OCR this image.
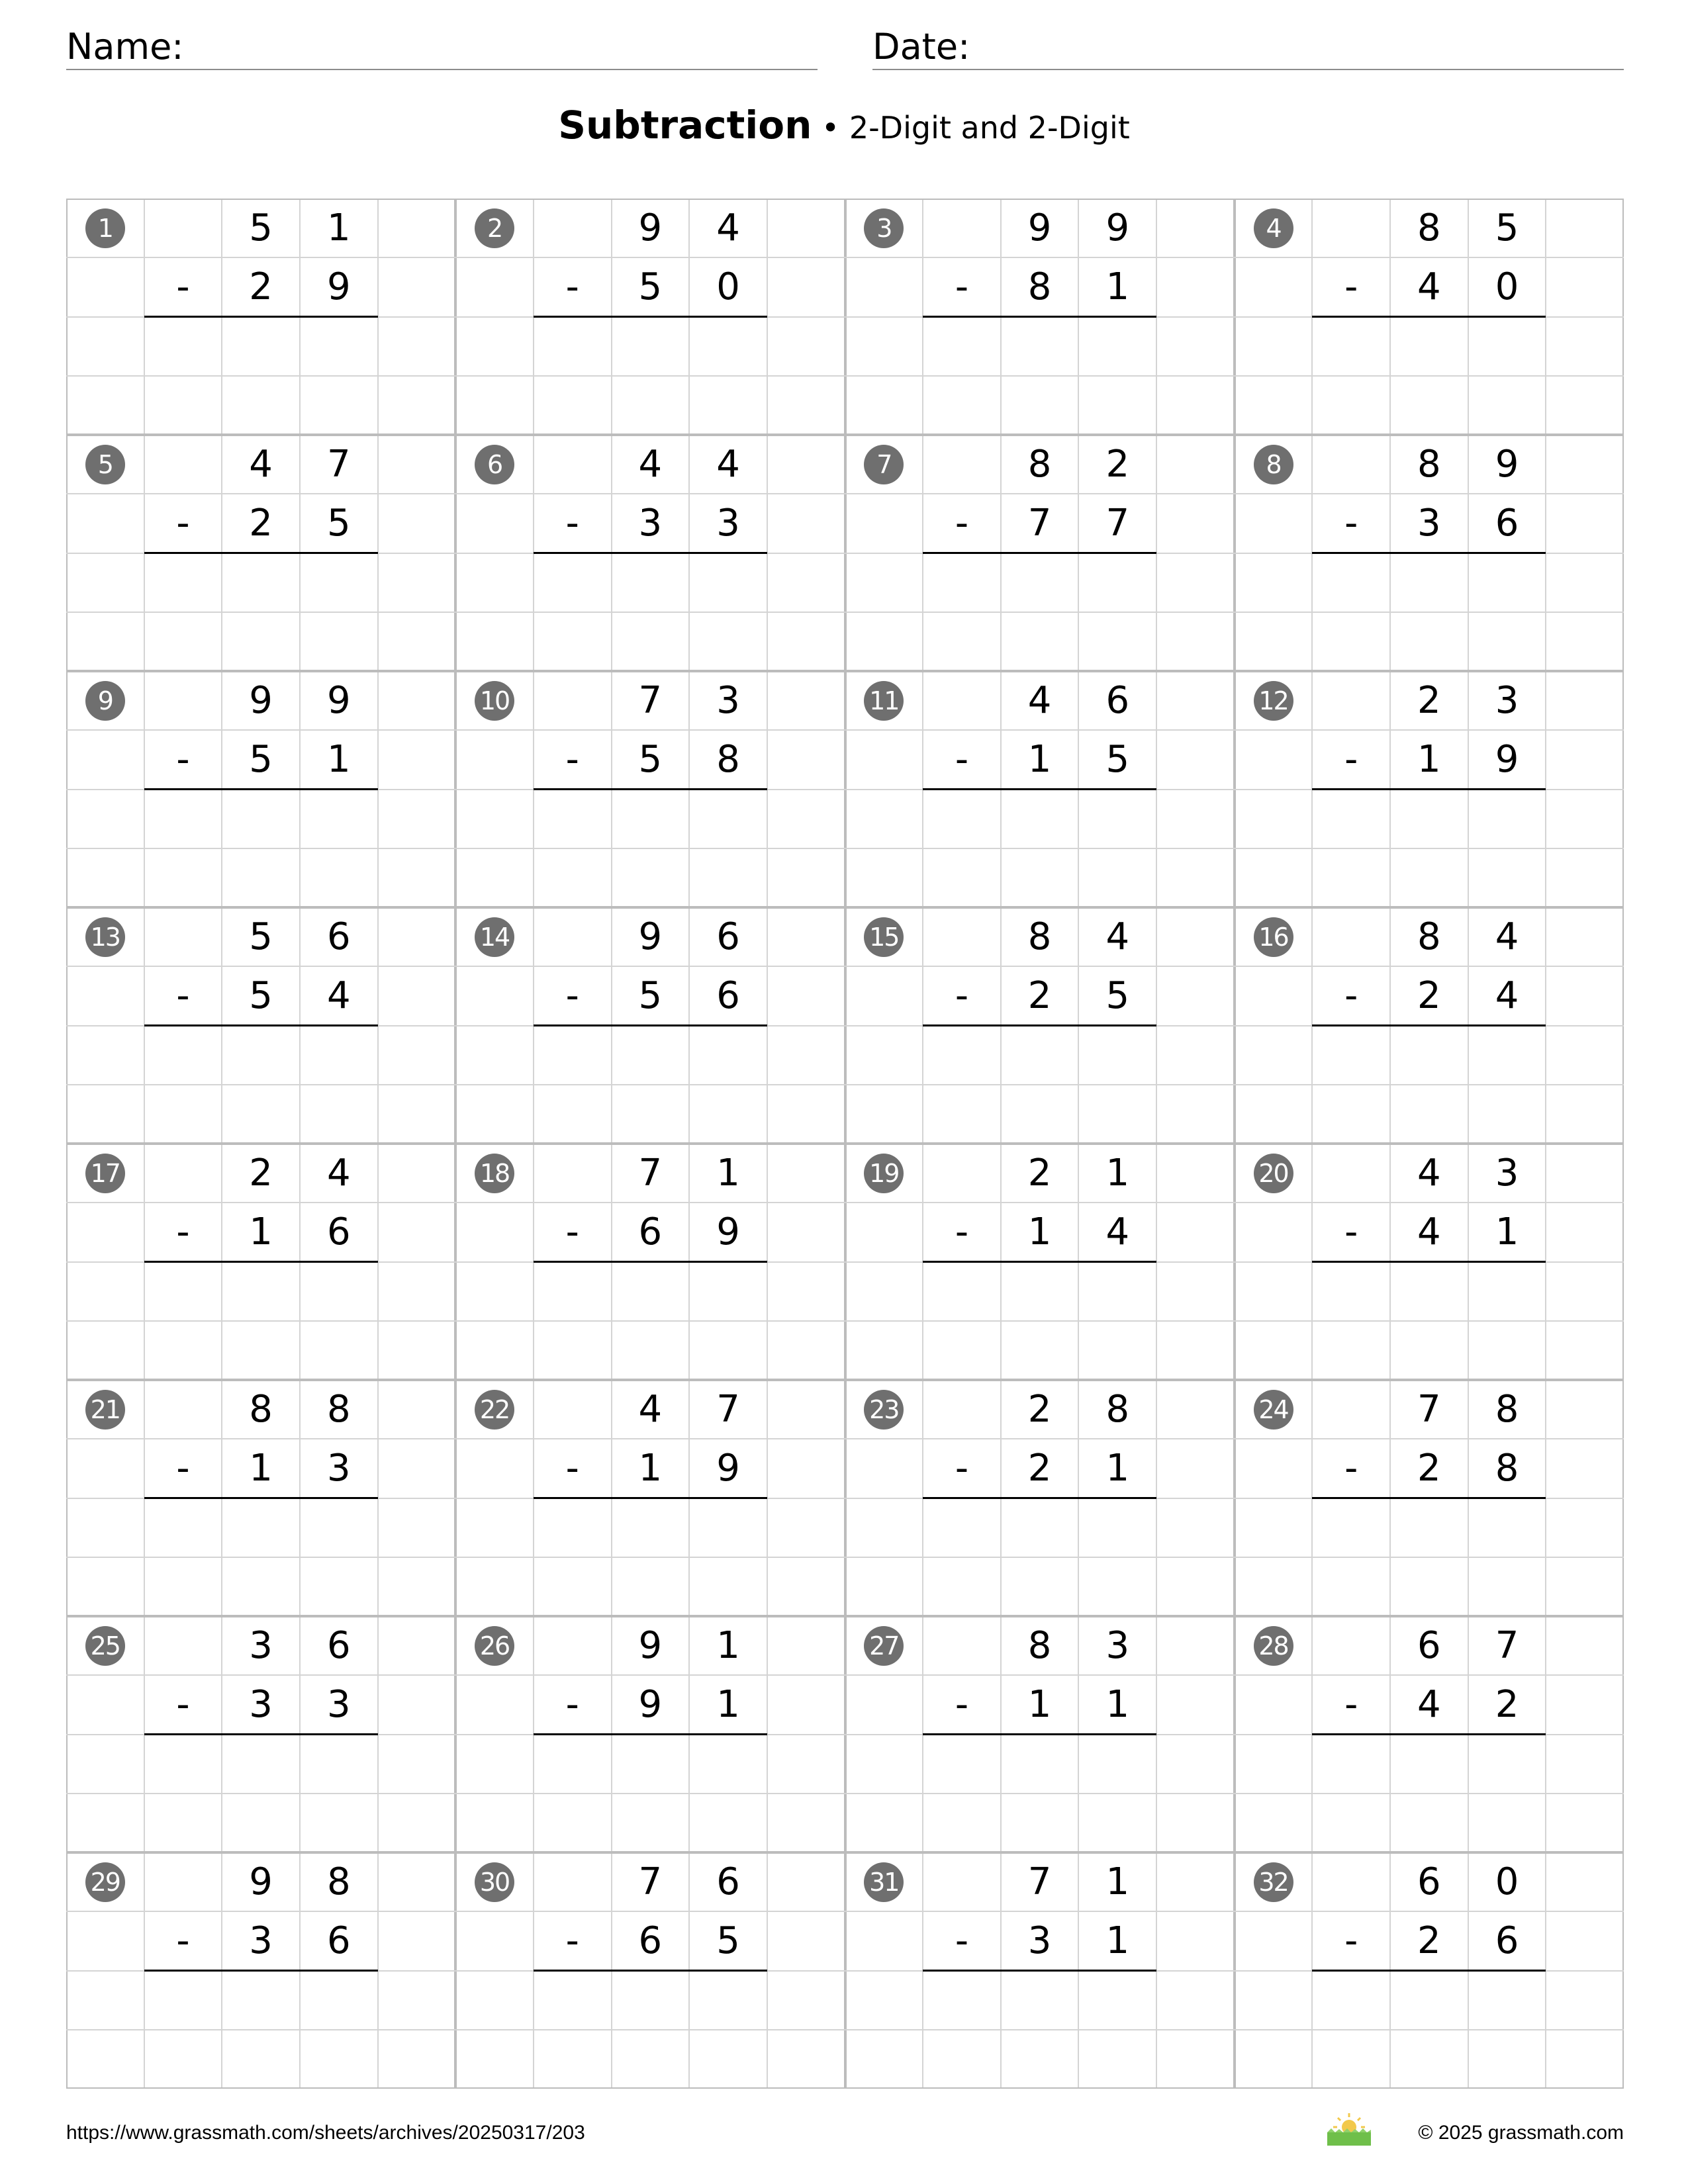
Name:	Date:
Subtraction • 2-Digit and 2-Digit
1	5	1
-	2	9
2	9	4
-	5	0
3	9	9
-	8	1
4	8	5
-	4	0
5	4	7
-	2	5
6	4	4
-	3	3
7	8	2
-	7	7
8	8	9
-	3	6
9	9	9
-	5	1
10	7	3
-	5	8
11	4	6
-	1	5
12	2	3
-	1	9
13	5	6
-	5	4
14	9	6
-	5	6
15	8	4
-	2	5
16	8	4
-	2	4
17	2	4
-	1	6
18	7	1
-	6	9
19	2	1
-	1	4
20	4	3
-	4	1
21	8	8
-	1	3
22	4	7
-	1	9
23	2	8
-	2	1
24	7	8
-	2	8
25	3	6
-	3	3
26	9	1
-	9	1
27	8	3
-	1	1
28	6	7
-	4	2
29	9	8
-	3	6
30	7	6
-	6	5
31	7	1
-	3	1
32	6	0
-	2	6
https://www.grassmath.com/sheets/archives/20250317/203	© 2025 grassmath.com
